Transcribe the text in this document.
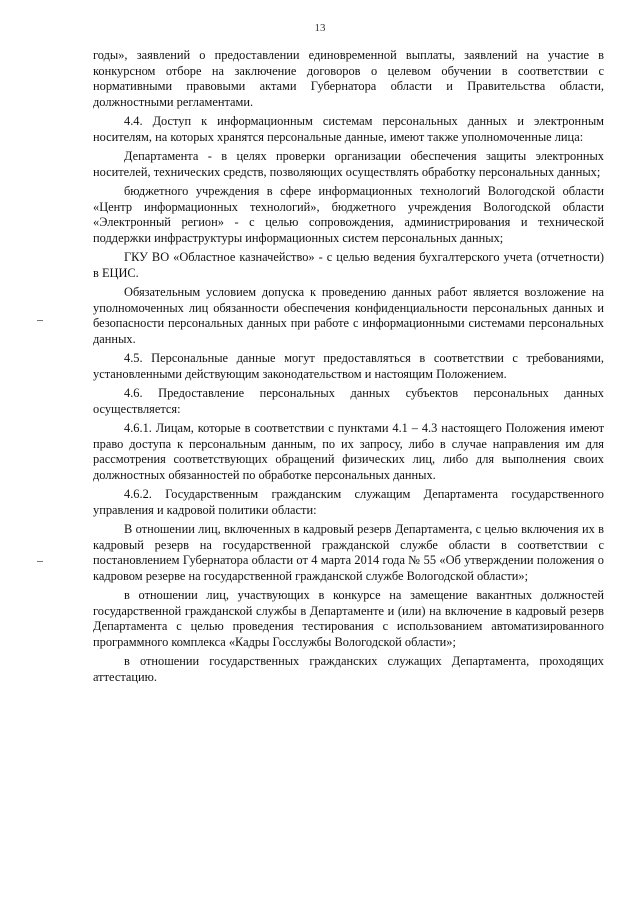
13

годы», заявлений о предоставлении единовременной выплаты, заявлений на участие в конкурсном отборе на заключение договоров о целевом обучении в соответствии с нормативными правовыми актами Губернатора области и Правительства области, должностными регламентами.

4.4. Доступ к информационным системам персональных данных и электронным носителям, на которых хранятся персональные данные, имеют также уполномоченные лица:

Департамента - в целях проверки организации обеспечения защиты электронных носителей, технических средств, позволяющих осуществлять обработку персональных данных;

бюджетного учреждения в сфере информационных технологий Вологодской области «Центр информационных технологий», бюджетного учреждения Вологодской области «Электронный регион» - с целью сопровождения, администрирования и технической поддержки инфраструктуры информационных систем персональных данных;

ГКУ ВО «Областное казначейство» - с целью ведения бухгалтерского учета (отчетности) в ЕЦИС.

Обязательным условием допуска к проведению данных работ является возложение на уполномоченных лиц обязанности обеспечения конфиденциальности персональных данных и безопасности персональных данных при работе с информационными системами персональных данных.

4.5. Персональные данные могут предоставляться в соответствии с требованиями, установленными действующим законодательством и настоящим Положением.

4.6. Предоставление персональных данных субъектов персональных данных осуществляется:

4.6.1. Лицам, которые в соответствии с пунктами 4.1 – 4.3 настоящего Положения имеют право доступа к персональным данным, по их запросу, либо в случае направления им для рассмотрения соответствующих обращений физических лиц, либо для выполнения своих должностных обязанностей по обработке персональных данных.

4.6.2. Государственным гражданским служащим Департамента государственного управления и кадровой политики области:

В отношении лиц, включенных в кадровый резерв Департамента, с целью включения их в кадровый резерв на государственной гражданской службе области в соответствии с постановлением Губернатора области от 4 марта 2014 года № 55 «Об утверждении положения о кадровом резерве на государственной гражданской службе Вологодской области»;

в отношении лиц, участвующих в конкурсе на замещение вакантных должностей государственной гражданской службы в Департаменте и (или) на включение в кадровый резерв Департамента с целью проведения тестирования с использованием автоматизированного программного комплекса «Кадры Госслужбы Вологодской области»;

в отношении государственных гражданских служащих Департамента, проходящих аттестацию.
